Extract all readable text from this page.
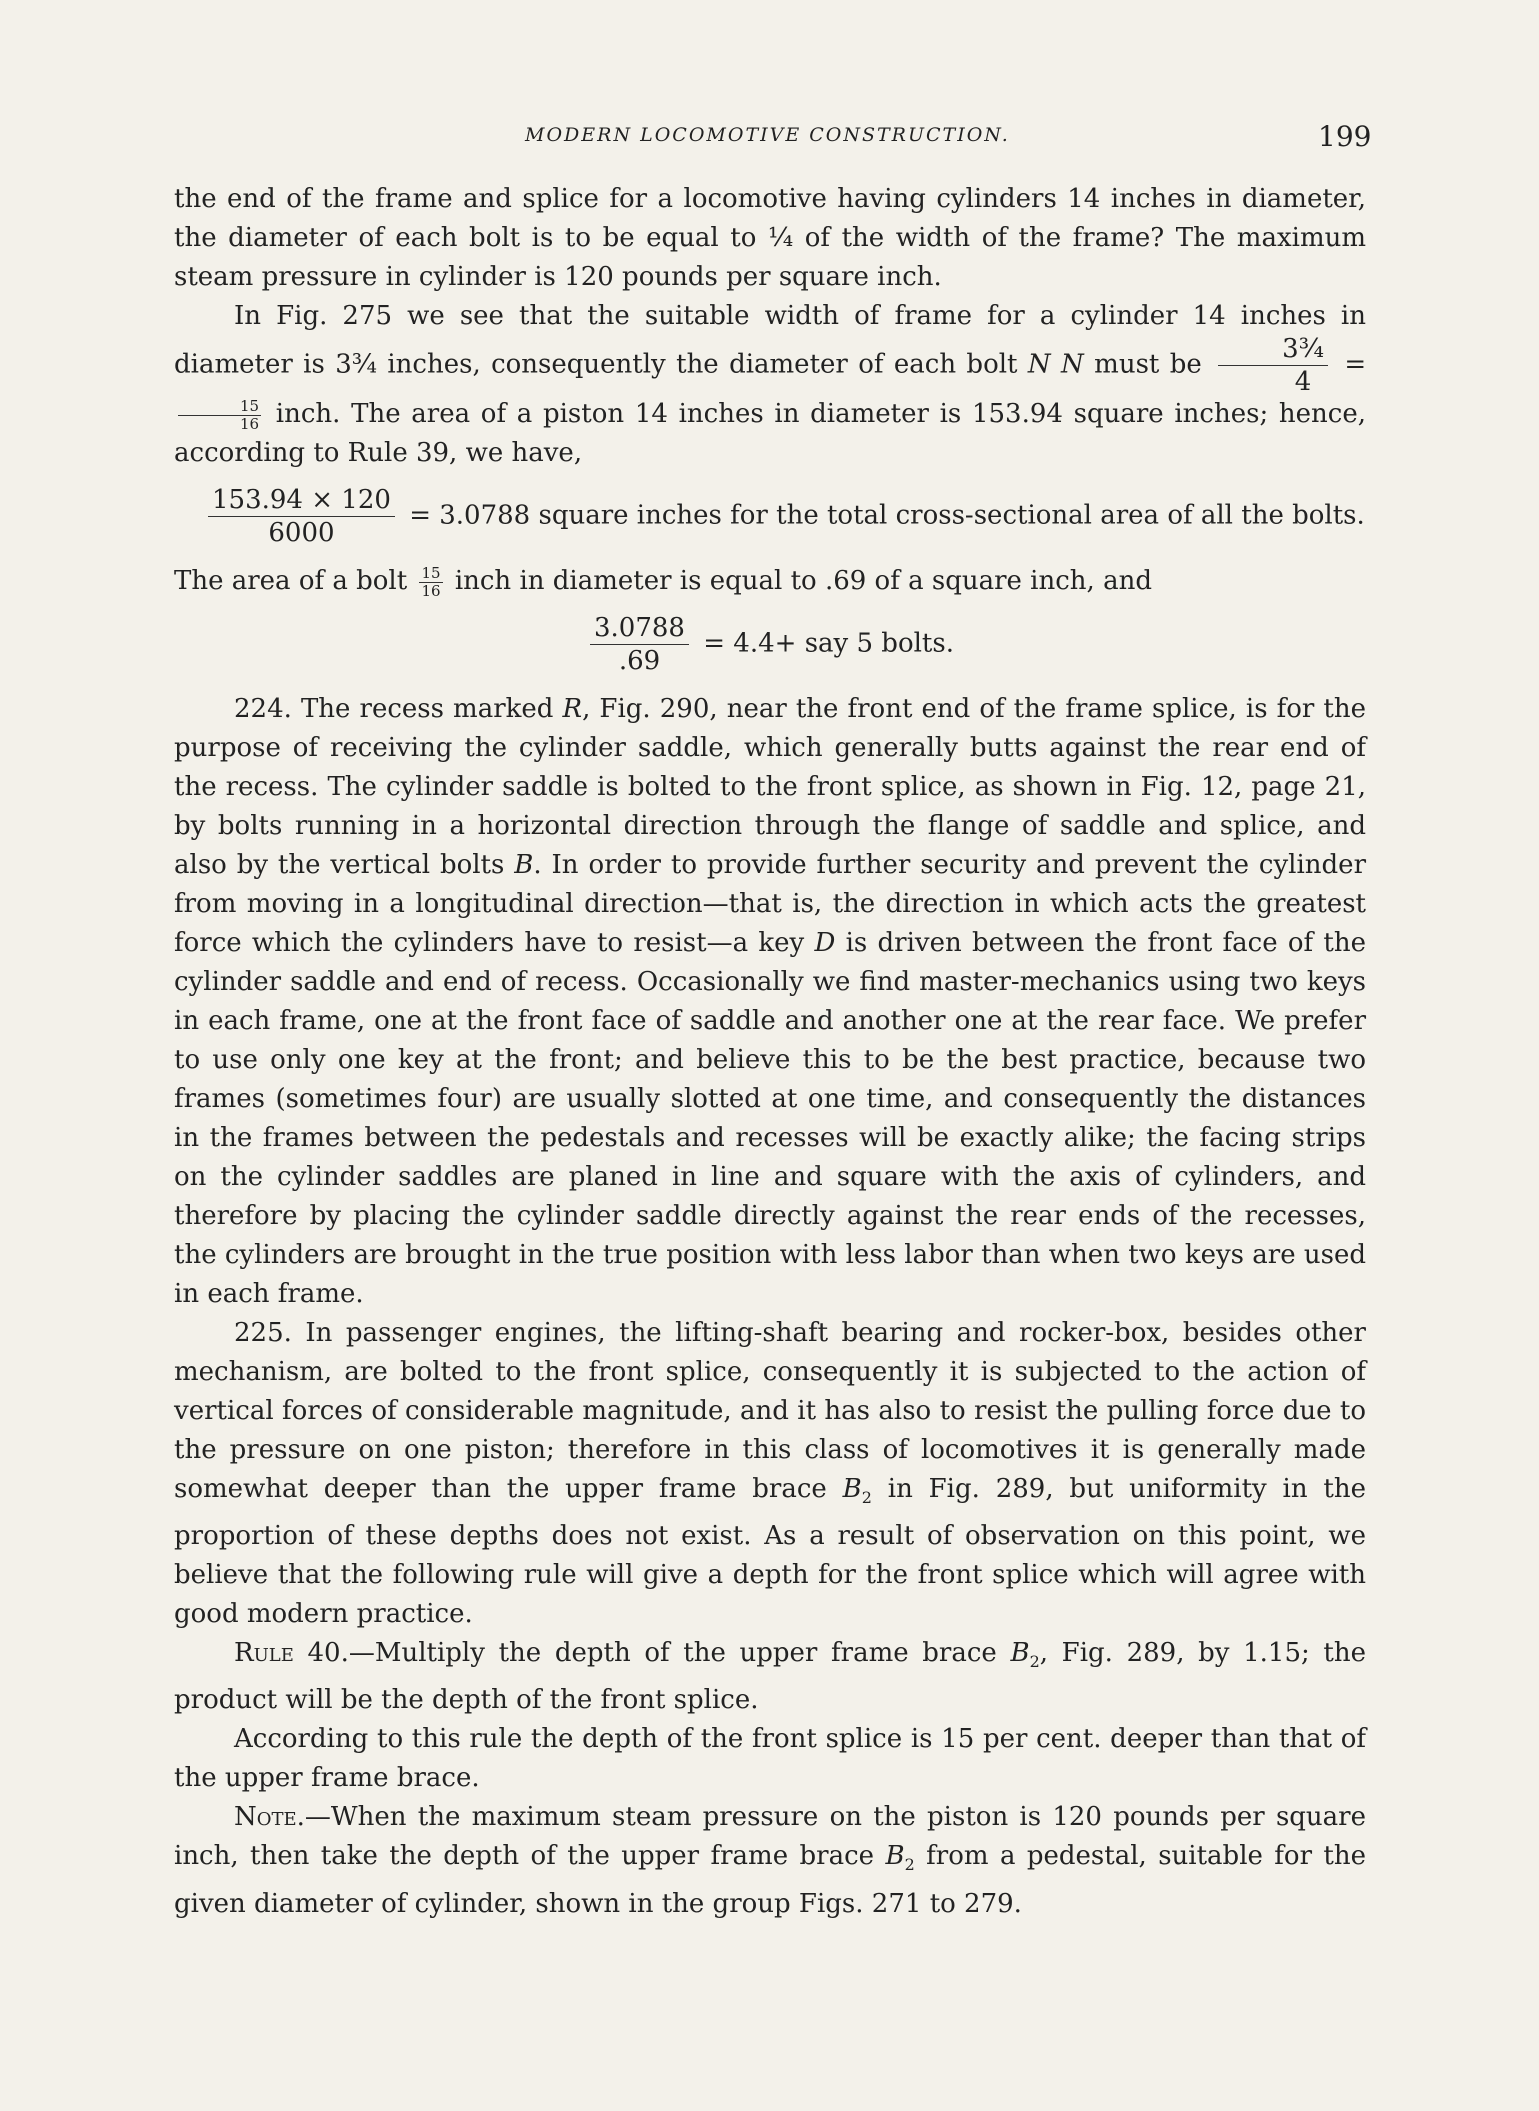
MODERN LOCOMOTIVE CONSTRUCTION.	199

the end of the frame and splice for a locomotive having cylinders 14 inches in diameter, the diameter of each bolt is to be equal to ¼ of the width of the frame? The maximum steam pressure in cylinder is 120 pounds per square inch.

In Fig. 275 we see that the suitable width of frame for a cylinder 14 inches in diameter is 3¾ inches, consequently the diameter of each bolt N N must be $\frac{\text{3¾}}{4}$ =
$\frac{15}{16}$ inch. The area of a piston 14 inches in diameter is 153.94 square inches; hence, according to Rule 39, we have,

$\frac{153.94 \times 120}{6000} = 3.0788$ square inches for the total cross-sectional area of all the bolts.

The area of a bolt $\frac{15}{16}$ inch in diameter is equal to .69 of a square inch, and

$\frac{3.0788}{.69} = 4.4+$ say 5 bolts.

224. The recess marked R, Fig. 290, near the front end of the frame splice, is for the purpose of receiving the cylinder saddle, which generally butts against the rear end of the recess. The cylinder saddle is bolted to the front splice, as shown in Fig. 12, page 21, by bolts running in a horizontal direction through the flange of saddle and splice, and also by the vertical bolts B. In order to provide further security and prevent the cylinder from moving in a longitudinal direction—that is, the direction in which acts the greatest force which the cylinders have to resist—a key D is driven between the front face of the cylinder saddle and end of recess. Occasionally we find master-mechanics using two keys in each frame, one at the front face of saddle and another one at the rear face. We prefer to use only one key at the front; and believe this to be the best practice, because two frames (sometimes four) are usually slotted at one time, and consequently the distances in the frames between the pedestals and recesses will be exactly alike; the facing strips on the cylinder saddles are planed in line and square with the axis of cylinders, and therefore by placing the cylinder saddle directly against the rear ends of the recesses, the cylinders are brought in the true position with less labor than when two keys are used in each frame.

225. In passenger engines, the lifting-shaft bearing and rocker-box, besides other mechanism, are bolted to the front splice, consequently it is subjected to the action of vertical forces of considerable magnitude, and it has also to resist the pulling force due to the pressure on one piston; therefore in this class of locomotives it is generally made somewhat deeper than the upper frame brace $B_2$ in Fig. 289, but uniformity in the proportion of these depths does not exist. As a result of observation on this point, we believe that the following rule will give a depth for the front splice which will agree with good modern practice.

Rule 40.—Multiply the depth of the upper frame brace $B_2$, Fig. 289, by 1.15; the product will be the depth of the front splice.

According to this rule the depth of the front splice is 15 per cent. deeper than that of the upper frame brace.

Note.—When the maximum steam pressure on the piston is 120 pounds per square inch, then take the depth of the upper frame brace $B_2$ from a pedestal, suitable for the given diameter of cylinder, shown in the group Figs. 271 to 279.
